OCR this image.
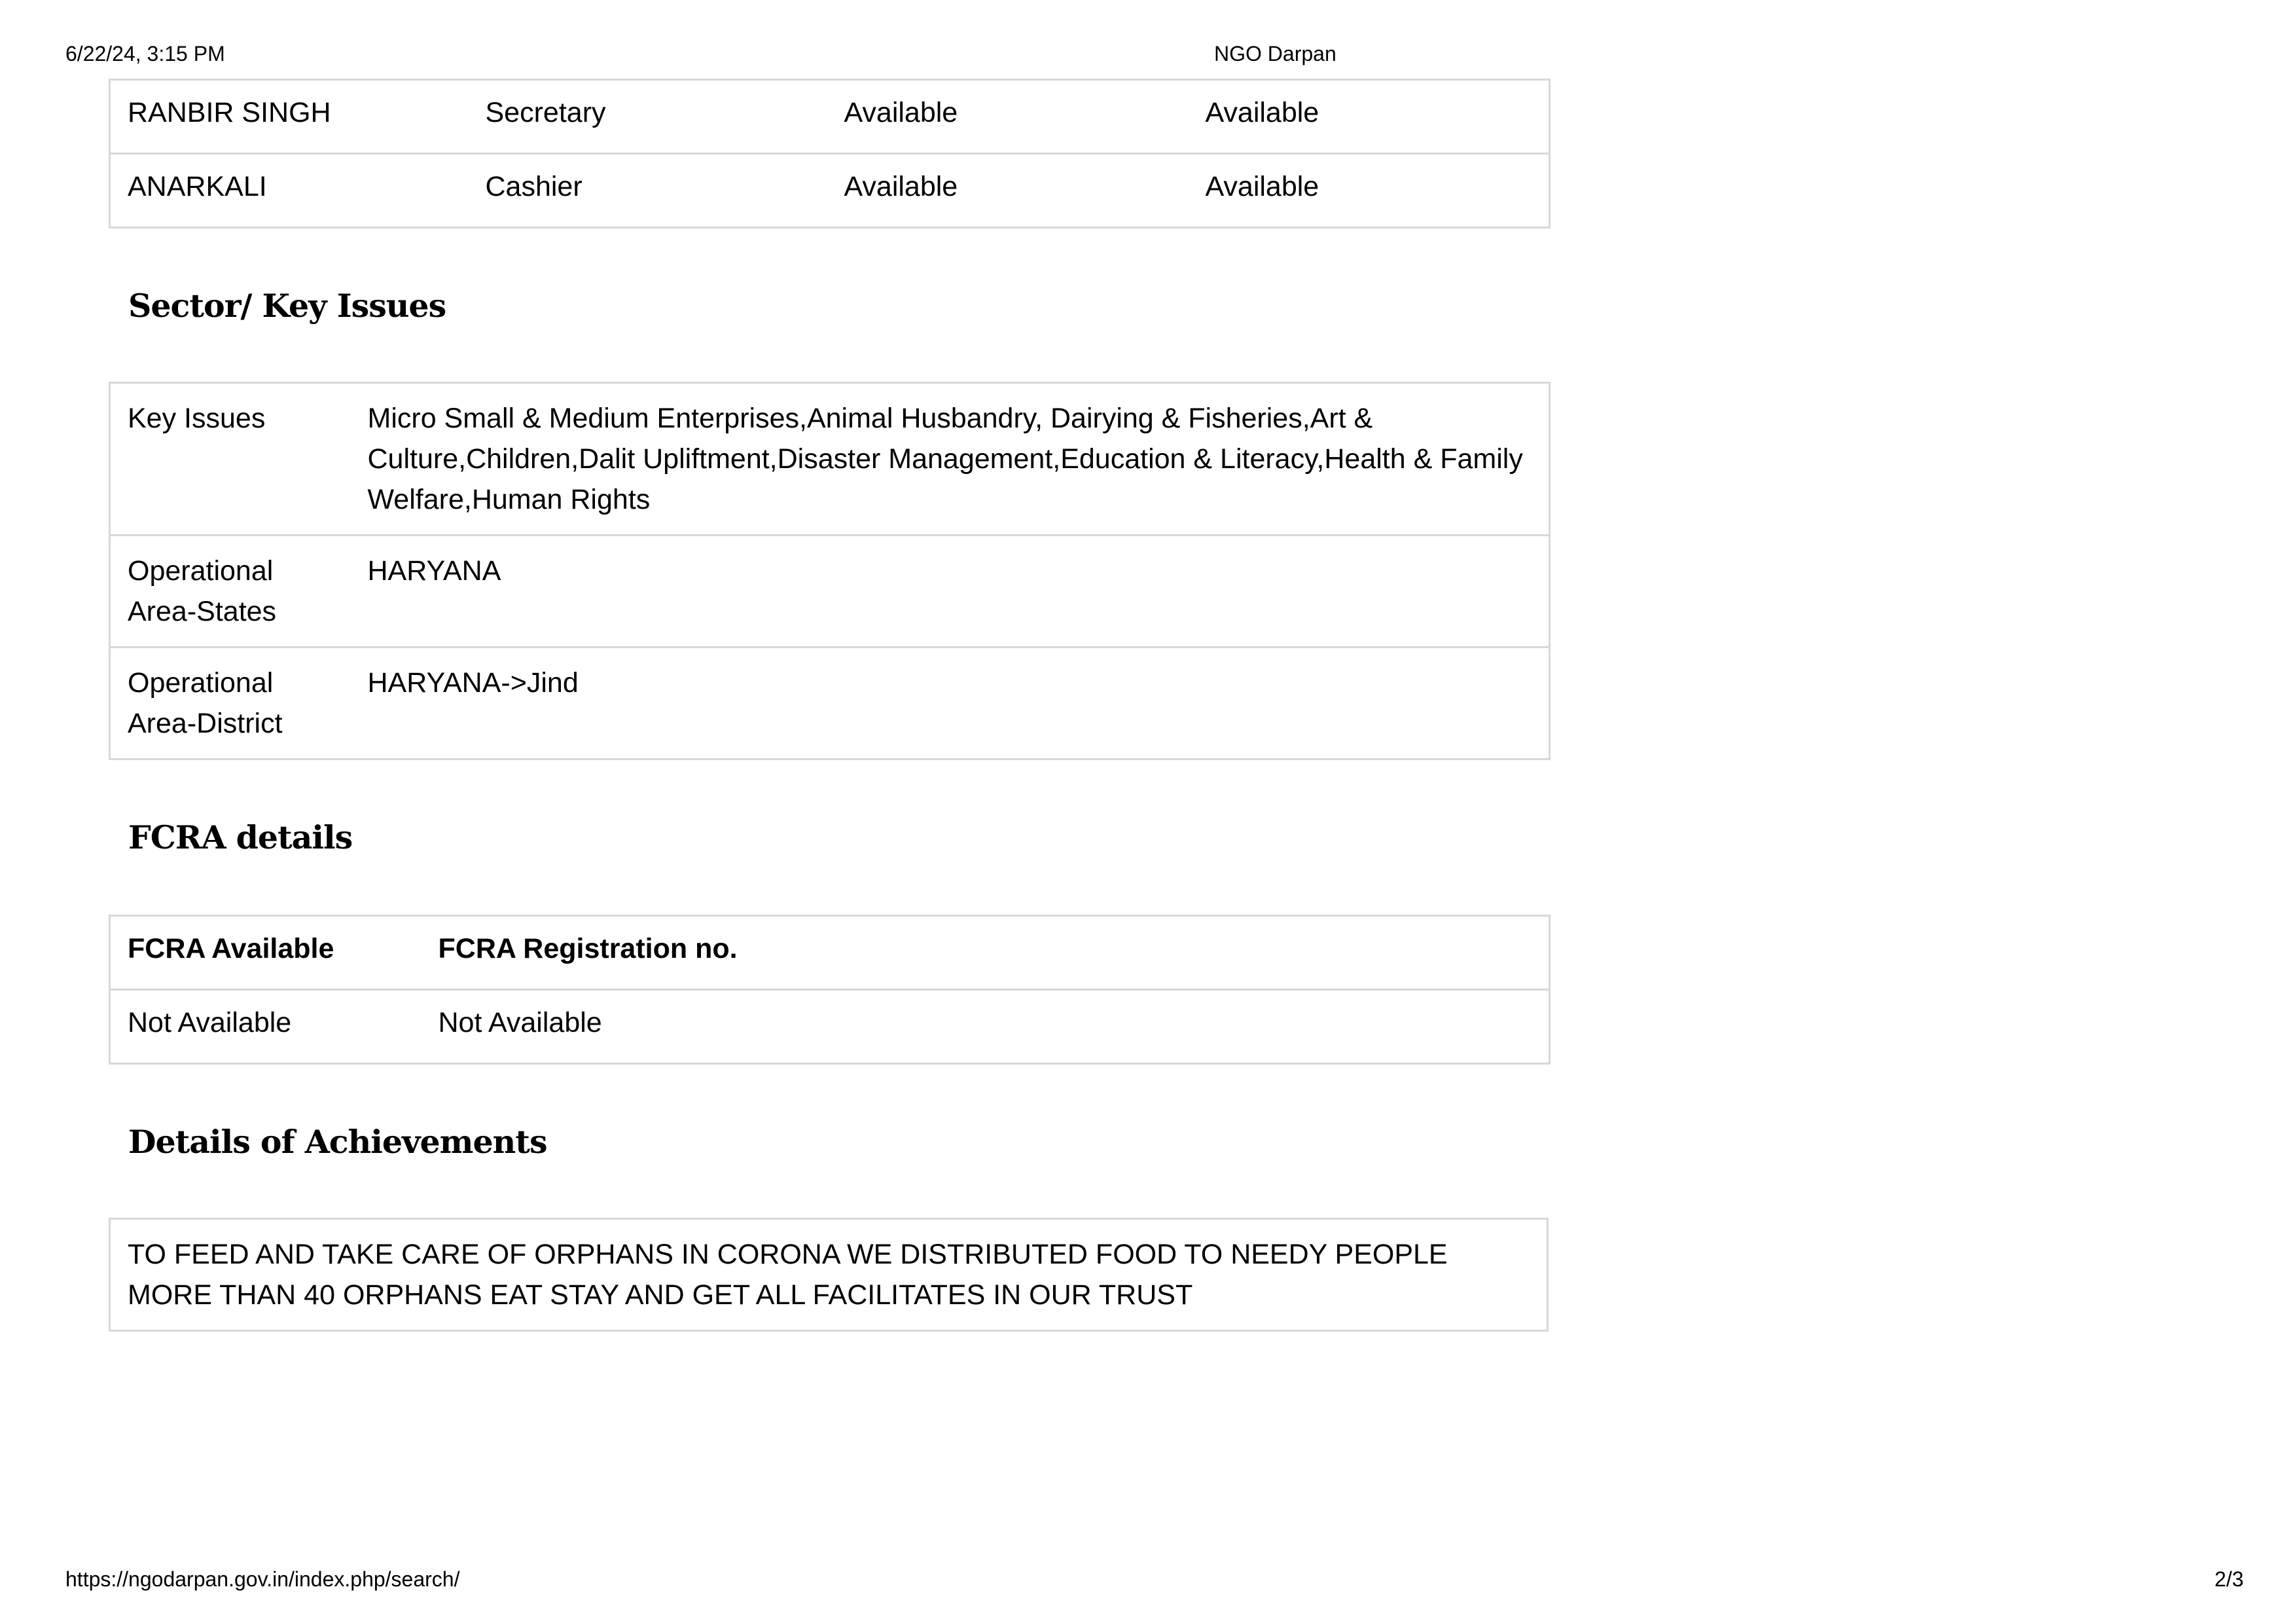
6/22/24, 3:15 PM	NGO Darpan
RANBIR SINGH	Secretary	Available	Available
ANARKALI	Cashier	Available	Available
Sector/ Key Issues
Key Issues	Micro Small & Medium Enterprises,Animal Husbandry, Dairying & Fisheries,Art & Culture,Children,Dalit Upliftment,Disaster Management,Education & Literacy,Health & Family Welfare,Human Rights
Operational Area-States	HARYANA
Operational Area-District	HARYANA->Jind
FCRA details
FCRA Available	FCRA Registration no.
Not Available	Not Available
Details of Achievements
TO FEED AND TAKE CARE OF ORPHANS IN CORONA WE DISTRIBUTED FOOD TO NEEDY PEOPLE MORE THAN 40 ORPHANS EAT STAY AND GET ALL FACILITATES IN OUR TRUST
https://ngodarpan.gov.in/index.php/search/	2/3
